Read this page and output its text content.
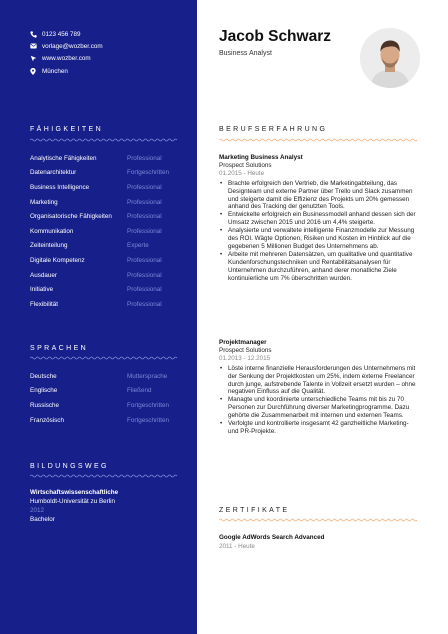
0123 456 789
vorlage@wozber.com
www.wozber.com
München
FÄHIGKEITEN
Analytische Fähigkeiten	Professional
Datenarchitektur	Fortgeschritten
Business Intelligence	Professional
Marketing	Professional
Organisatorische Fähigkeiten	Professional
Kommunikation	Professional
Zeiteinteilung	Experte
Digitale Kompetenz	Professional
Ausdauer	Professional
Initiative	Professional
Flexibilität	Professional
SPRACHEN
Deutsche	Muttersprache
Englische	Fließend
Russische	Fortgeschritten
Französisch	Fortgeschritten
BILDUNGSWEG
Wirtschaftswissenschaftliche
Humboldt-Universität zu Berlin
2012
Bachelor
Jacob Schwarz
Business Analyst
BERUFSERFAHRUNG
Marketing Business Analyst
Prospect Solutions
01.2015 - Heute
• Brachte erfolgreich den Vertrieb, die Marketingabteilung, das Designteam und externe Partner über Trello und Slack zusammen und steigerte damit die Effizienz des Projekts um 20% gemessen anhand des Tracking der genutzten Tools.
• Entwickelte erfolgreich ein Businessmodell anhand dessen sich der Umsatz zwischen 2015 und 2016 um 4,4% steigerte.
• Analysierte und verwaltete intelligente Finanzmodelle zur Messung des ROI. Wägte Optionen, Risiken und Kosten im Hinblick auf die gegebenen 5 Millionen Budget des Unternehmens ab.
• Arbeite mit mehreren Datensätzen, um qualitative und quantitative Kundenforschungstechniken und Rentabilitätsanalysen für Unternehmen durchzuführen, anhand derer monatliche Ziele kontinuierliche um 7% überschritten wurden.
Projektmanager
Prospect Solutions
01.2013 - 12.2015
• Löste interne finanzielle Herausforderungen des Unternehmens mit der Senkung der Projektkosten um 25%, indem externe Freelancer durch junge, aufstrebende Talente in Vollzeit ersetzt wurden – ohne negativen Einfluss auf die Qualität.
• Managte und koordinierte unterschiedliche Teams mit bis zu 70 Personen zur Durchführung diverser Marketingprogramme. Dazu gehörte die Zusammenarbeit mit internen und externen Teams.
• Verfolgte und kontrollierte insgesamt 42 ganzheitliche Marketing- und PR-Projekte.
ZERTIFIKATE
Google AdWords Search Advanced
2011 - Heute
